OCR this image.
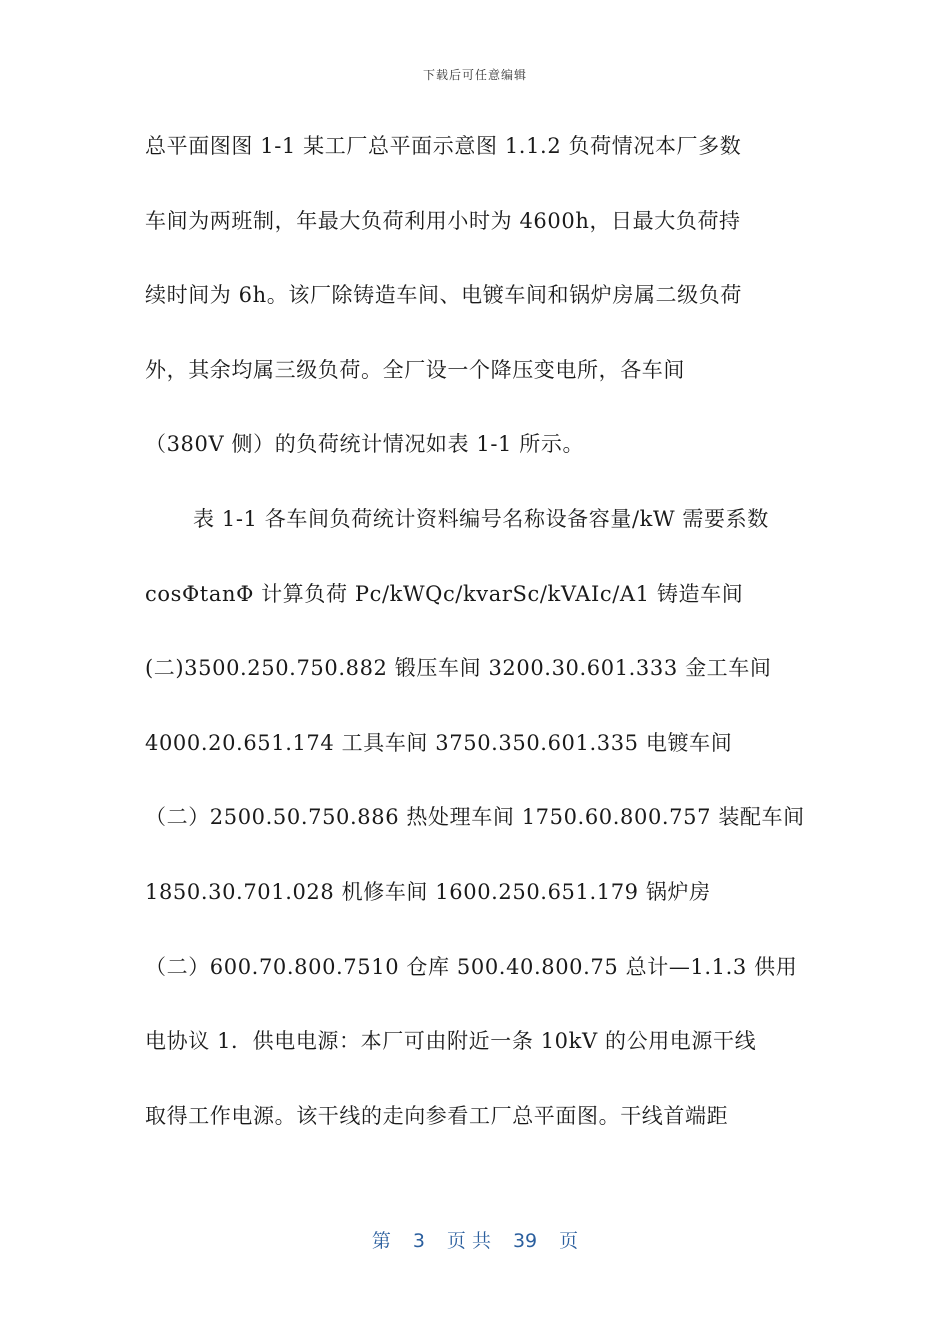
下载后可任意编辑
总平面图图 1-1 某工厂总平面示意图 1.1.2 负荷情况本厂多数
车间为两班制，年最大负荷利用小时为 4600h，日最大负荷持
续时间为 6h。该厂除铸造车间、电镀车间和锅炉房属二级负荷
外，其余均属三级负荷。全厂设一个降压变电所，各车间
（380V 侧）的负荷统计情况如表 1-1 所示。
表 1-1 各车间负荷统计资料编号名称设备容量/kW 需要系数
cosΦtanΦ 计算负荷 Pc/kWQc/kvarSc/kVAIc/A1 铸造车间
(二)3500.250.750.882 锻压车间 3200.30.601.333 金工车间
4000.20.651.174 工具车间 3750.350.601.335 电镀车间
（二）2500.50.750.886 热处理车间 1750.60.800.757 装配车间
1850.30.701.028 机修车间 1600.250.651.179 锅炉房
（二）600.70.800.7510 仓库 500.40.800.75 总计—1.1.3 供用
电协议 1．供电电源：本厂可由附近一条 10kV 的公用电源干线
取得工作电源。该干线的走向参看工厂总平面图。干线首端距
第 3 页 共 39 页
